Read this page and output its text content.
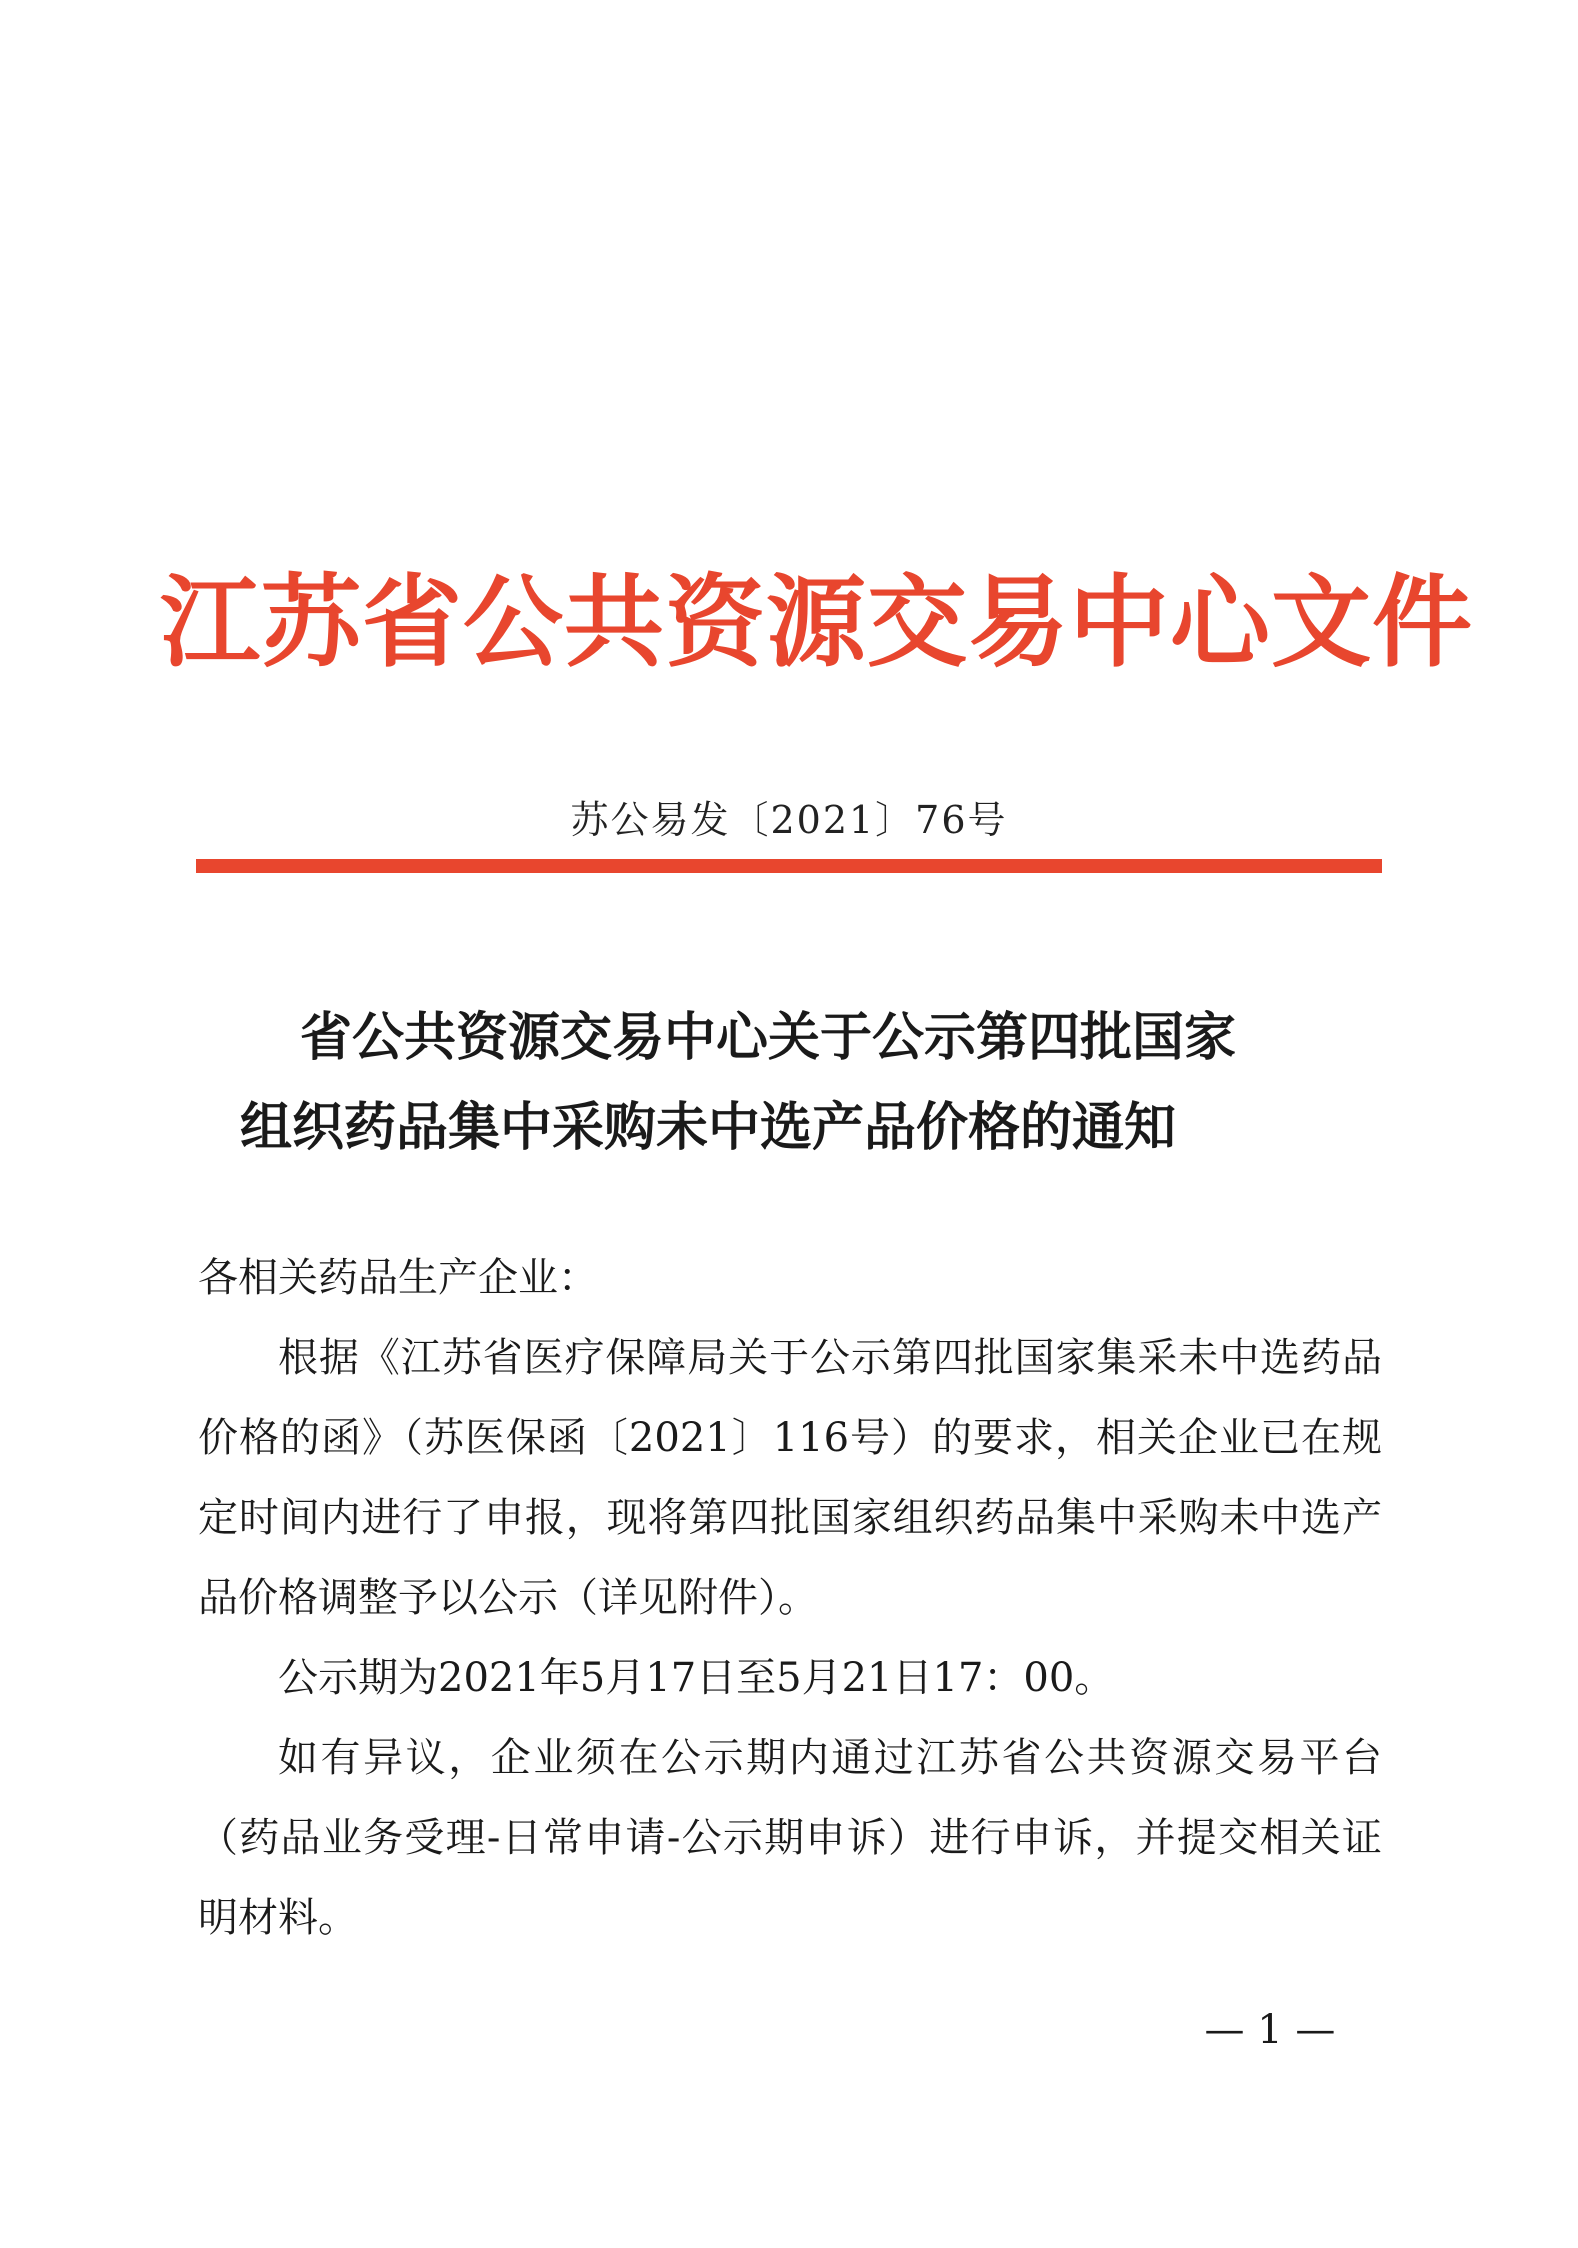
江苏省公共资源交易中心文件
苏公易发〔2021〕76号
省公共资源交易中心关于公示第四批国家
组织药品集中采购未中选产品价格的通知

各相关药品生产企业：

根据《江苏省医疗保障局关于公示第四批国家集采未中选药品价格的函》（苏医保函〔2021〕116号）的要求，相关企业已在规定时间内进行了申报，现将第四批国家组织药品集中采购未中选产品价格调整予以公示（详见附件）。

公示期为2021年5月17日至5月21日17：00。

如有异议，企业须在公示期内通过江苏省公共资源交易平台（药品业务受理-日常申请-公示期申诉）进行申诉，并提交相关证明材料。

— 1 —
